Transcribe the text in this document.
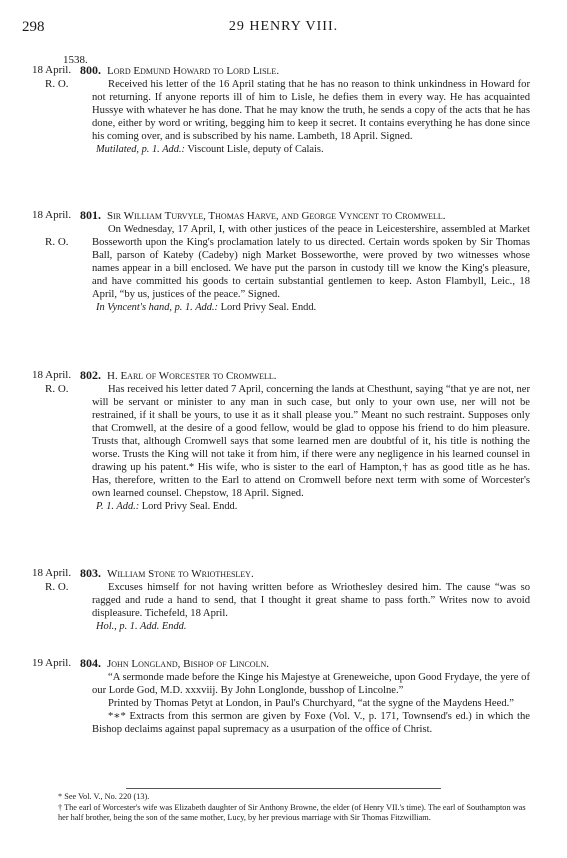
298	29 HENRY VIII.
1538.
18 April.
R. O.

800. Lord Edmund Howard to Lord Lisle.

Received his letter of the 16 April stating that he has no reason to think unkindness in Howard for not returning. If anyone reports ill of him to Lisle, he defies them in every way. He has acquainted Hussye with whatever he has done. That he may know the truth, he sends a copy of the acts that he has done, either by word or writing, begging him to keep it secret. It contains everything he has done since his coming over, and is subscribed by his name. Lambeth, 18 April. Signed.

Mutilated, p. 1. Add.: Viscount Lisle, deputy of Calais.

18 April.
R. O.

801. Sir William Turvyle, Thomas Harve, and George Vyncent to Cromwell.

On Wednesday, 17 April, I, with other justices of the peace in Leicestershire, assembled at Market Bosseworth upon the King's proclamation lately to us directed. Certain words spoken by Sir Thomas Ball, parson of Kateby (Cadeby) nigh Market Bosseworthe, were proved by two witnesses whose names appear in a bill enclosed. We have put the parson in custody till we know the King's pleasure, and have committed his goods to certain substantial gentlemen to keep. Aston Flambyll, Leic., 18 April, “by us, justices of the peace.” Signed.

In Vyncent's hand, p. 1. Add.: Lord Privy Seal. Endd.

18 April.
R. O.

802. H. Earl of Worcester to Cromwell.

Has received his letter dated 7 April, concerning the lands at Chesthunt, saying “that ye are not, ner will be servant or minister to any man in such case, but only to your own use, ner will not be restrained, if it shall be yours, to use it as it shall please you.” Meant no such restraint. Supposes only that Cromwell, at the desire of a good fellow, would be glad to oppose his friend to do him pleasure. Trusts that, although Cromwell says that some learned men are doubtful of it, his title is nothing the worse. Trusts the King will not take it from him, if there were any negligence in his learned counsel in drawing up his patent.* His wife, who is sister to the earl of Hampton,† has as good title as he has. Has, therefore, written to the Earl to attend on Cromwell before next term with some of Worcester's own learned counsel. Chepstow, 18 April. Signed.

P. 1. Add.: Lord Privy Seal. Endd.

18 April.
R. O.

803. William Stone to Wriothesley.

Excuses himself for not having written before as Wriothesley desired him. The cause “was so ragged and rude a hand to send, that I thought it great shame to pass forth.” Writes now to avoid displeasure. Tichefeld, 18 April.

Hol., p. 1. Add. Endd.

19 April. 804. John Longland, Bishop of Lincoln.

“A sermonde made before the Kinge his Majestye at Greneweiche, upon Good Frydaye, the yere of our Lorde God, M.D. xxxviij. By John Longlonde, busshop of Lincolne.”

Printed by Thomas Petyt at London, in Paul's Churchyard, “at the sygne of the Maydens Heed.”

*∗* Extracts from this sermon are given by Foxe (Vol. V., p. 171, Townsend's ed.) in which the Bishop declaims against papal supremacy as a usurpation of the office of Christ.

* See Vol. V., No. 220 (13).

† The earl of Worcester's wife was Elizabeth daughter of Sir Anthony Browne, the elder (of Henry VII.'s time). The earl of Southampton was her half brother, being the son of the same mother, Lucy, by her previous marriage with Sir Thomas Fitzwilliam.
